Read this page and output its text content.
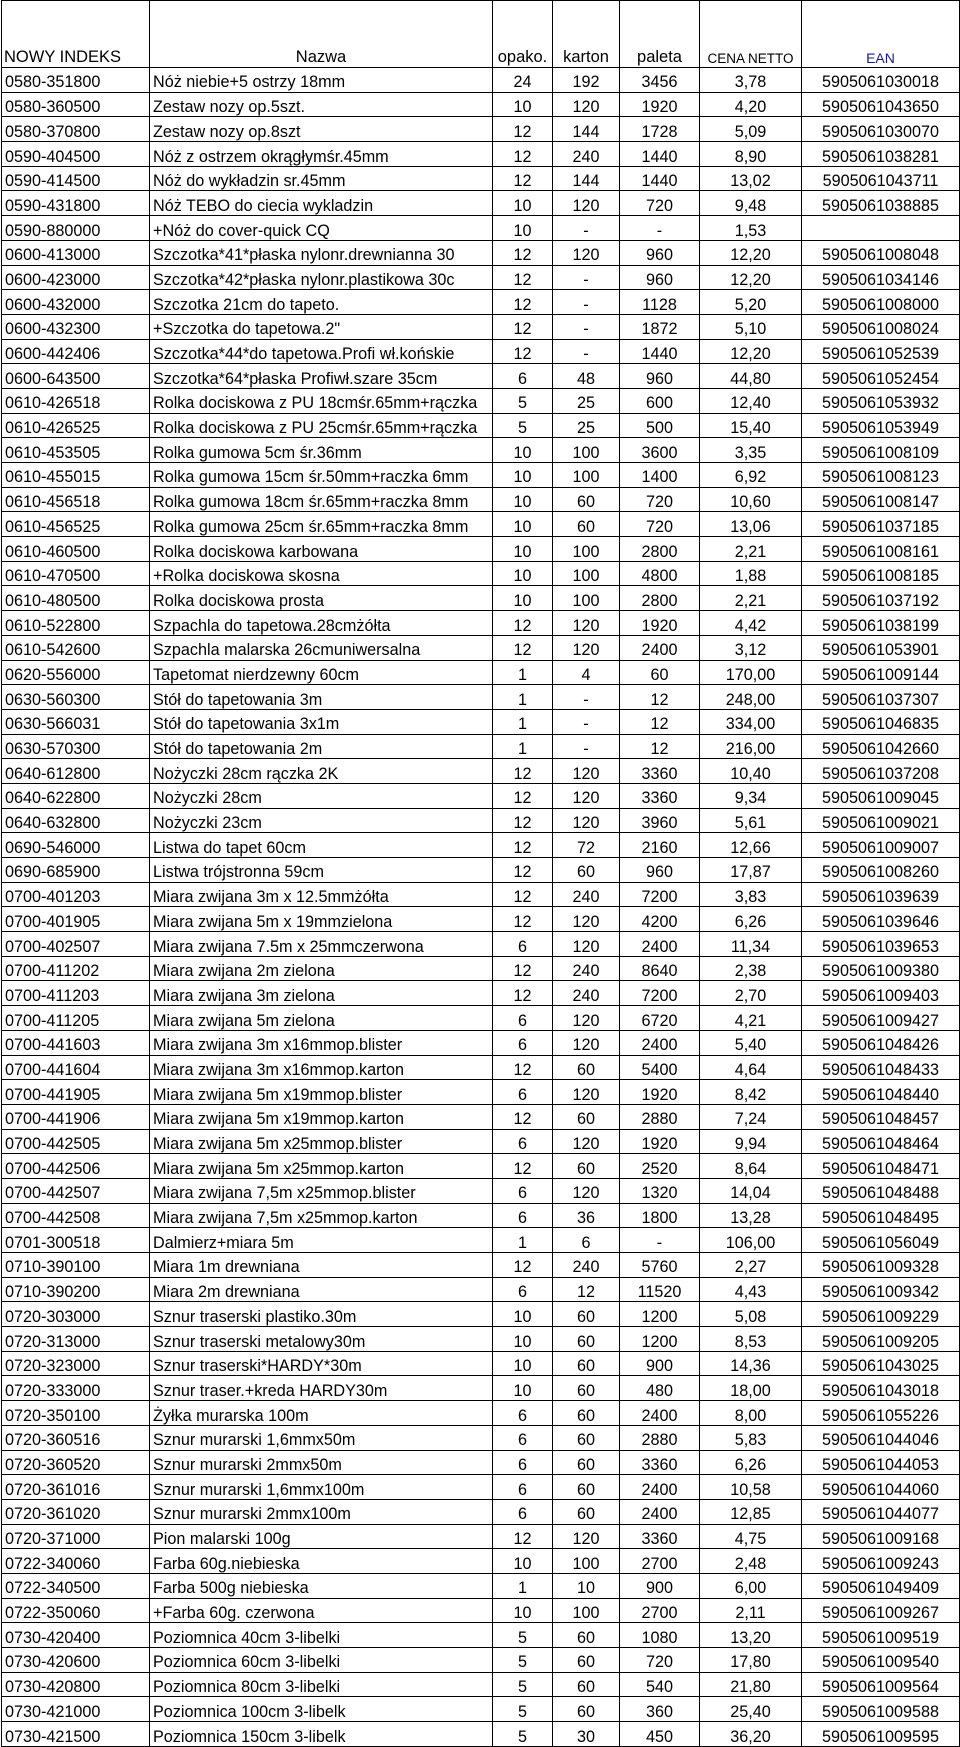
NOWY INDEKS	Nazwa	opako.	karton	paleta	CENA NETTO	EAN
0580-351800	Nóż niebie+5 ostrzy 18mm	24	192	3456	3,78	5905061030018
0580-360500	Zestaw nozy op.5szt.	10	120	1920	4,20	5905061043650
0580-370800	Zestaw nozy op.8szt	12	144	1728	5,09	5905061030070
0590-404500	Nóż z ostrzem okrągłymśr.45mm	12	240	1440	8,90	5905061038281
0590-414500	Nóż do wykładzin sr.45mm	12	144	1440	13,02	5905061043711
0590-431800	Nóż TEBO do ciecia wykladzin	10	120	720	9,48	5905061038885
0590-880000	+Nóż do cover-quick CQ	10	-	-	1,53	
0600-413000	Szczotka*41*płaska nylonr.drewnianna 30	12	120	960	12,20	5905061008048
0600-423000	Szczotka*42*płaska nylonr.plastikowa 30c	12	-	960	12,20	5905061034146
0600-432000	Szczotka 21cm do tapeto.	12	-	1128	5,20	5905061008000
0600-432300	+Szczotka do tapetowa.2"	12	-	1872	5,10	5905061008024
0600-442406	Szczotka*44*do tapetowa.Profi wł.końskie	12	-	1440	12,20	5905061052539
0600-643500	Szczotka*64*płaska Profiwł.szare 35cm	6	48	960	44,80	5905061052454
0610-426518	Rolka dociskowa z PU 18cmśr.65mm+rączka	5	25	600	12,40	5905061053932
0610-426525	Rolka dociskowa z PU 25cmśr.65mm+rączka	5	25	500	15,40	5905061053949
0610-453505	Rolka gumowa 5cm śr.36mm	10	100	3600	3,35	5905061008109
0610-455015	Rolka gumowa 15cm śr.50mm+raczka 6mm	10	100	1400	6,92	5905061008123
0610-456518	Rolka gumowa 18cm śr.65mm+raczka 8mm	10	60	720	10,60	5905061008147
0610-456525	Rolka gumowa 25cm śr.65mm+raczka 8mm	10	60	720	13,06	5905061037185
0610-460500	Rolka dociskowa karbowana	10	100	2800	2,21	5905061008161
0610-470500	+Rolka dociskowa skosna	10	100	4800	1,88	5905061008185
0610-480500	Rolka dociskowa prosta	10	100	2800	2,21	5905061037192
0610-522800	Szpachla do tapetowa.28cmżółta	12	120	1920	4,42	5905061038199
0610-542600	Szpachla malarska 26cmuniwersalna	12	120	2400	3,12	5905061053901
0620-556000	Tapetomat nierdzewny 60cm	1	4	60	170,00	5905061009144
0630-560300	Stół do tapetowania 3m	1	-	12	248,00	5905061037307
0630-566031	Stół do tapetowania 3x1m	1	-	12	334,00	5905061046835
0630-570300	Stół do tapetowania 2m	1	-	12	216,00	5905061042660
0640-612800	Nożyczki 28cm rączka 2K	12	120	3360	10,40	5905061037208
0640-622800	Nożyczki 28cm	12	120	3360	9,34	5905061009045
0640-632800	Nożyczki 23cm	12	120	3960	5,61	5905061009021
0690-546000	Listwa do tapet 60cm	12	72	2160	12,66	5905061009007
0690-685900	Listwa trójstronna 59cm	12	60	960	17,87	5905061008260
0700-401203	Miara zwijana 3m x 12.5mmżółta	12	240	7200	3,83	5905061039639
0700-401905	Miara zwijana 5m x 19mmzielona	12	120	4200	6,26	5905061039646
0700-402507	Miara zwijana 7.5m x 25mmczerwona	6	120	2400	11,34	5905061039653
0700-411202	Miara zwijana 2m zielona	12	240	8640	2,38	5905061009380
0700-411203	Miara zwijana 3m zielona	12	240	7200	2,70	5905061009403
0700-411205	Miara zwijana 5m zielona	6	120	6720	4,21	5905061009427
0700-441603	Miara zwijana 3m x16mmop.blister	6	120	2400	5,40	5905061048426
0700-441604	Miara zwijana 3m x16mmop.karton	12	60	5400	4,64	5905061048433
0700-441905	Miara zwijana 5m x19mmop.blister	6	120	1920	8,42	5905061048440
0700-441906	Miara zwijana 5m x19mmop.karton	12	60	2880	7,24	5905061048457
0700-442505	Miara zwijana 5m x25mmop.blister	6	120	1920	9,94	5905061048464
0700-442506	Miara zwijana 5m x25mmop.karton	12	60	2520	8,64	5905061048471
0700-442507	Miara zwijana 7,5m x25mmop.blister	6	120	1320	14,04	5905061048488
0700-442508	Miara zwijana 7,5m x25mmop.karton	6	36	1800	13,28	5905061048495
0701-300518	Dalmierz+miara 5m	1	6	-	106,00	5905061056049
0710-390100	Miara 1m drewniana	12	240	5760	2,27	5905061009328
0710-390200	Miara 2m drewniana	6	12	11520	4,43	5905061009342
0720-303000	Sznur traserski plastiko.30m	10	60	1200	5,08	5905061009229
0720-313000	Sznur traserski metalowy30m	10	60	1200	8,53	5905061009205
0720-323000	Sznur traserski*HARDY*30m	10	60	900	14,36	5905061043025
0720-333000	Sznur traser.+kreda HARDY30m	10	60	480	18,00	5905061043018
0720-350100	Żyłka murarska 100m	6	60	2400	8,00	5905061055226
0720-360516	Sznur murarski 1,6mmx50m	6	60	2880	5,83	5905061044046
0720-360520	Sznur murarski 2mmx50m	6	60	3360	6,26	5905061044053
0720-361016	Sznur murarski 1,6mmx100m	6	60	2400	10,58	5905061044060
0720-361020	Sznur murarski 2mmx100m	6	60	2400	12,85	5905061044077
0720-371000	Pion malarski 100g	12	120	3360	4,75	5905061009168
0722-340060	Farba 60g.niebieska	10	100	2700	2,48	5905061009243
0722-340500	Farba 500g niebieska	1	10	900	6,00	5905061049409
0722-350060	+Farba 60g. czerwona	10	100	2700	2,11	5905061009267
0730-420400	Poziomnica 40cm 3-libelki	5	60	1080	13,20	5905061009519
0730-420600	Poziomnica 60cm 3-libelki	5	60	720	17,80	5905061009540
0730-420800	Poziomnica 80cm 3-libelki	5	60	540	21,80	5905061009564
0730-421000	Poziomnica 100cm 3-libelk	5	60	360	25,40	5905061009588
0730-421500	Poziomnica 150cm 3-libelk	5	30	450	36,20	5905061009595
